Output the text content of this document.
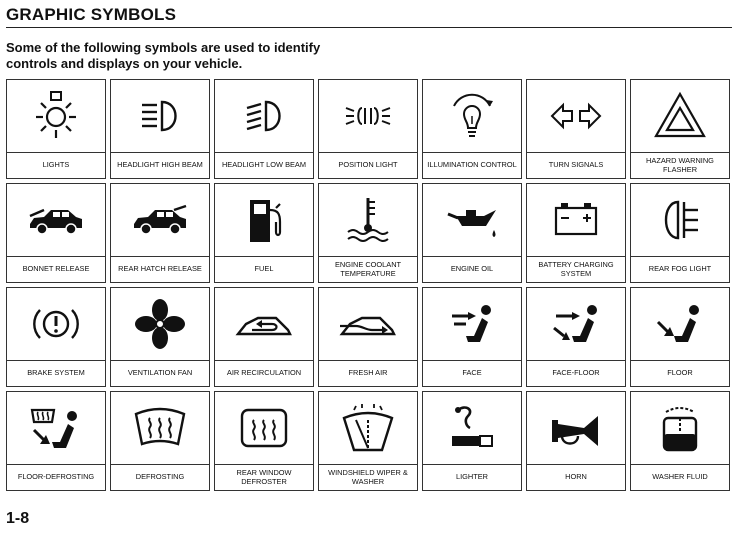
GRAPHIC SYMBOLS
Some of the following symbols are used to identify controls and displays on your vehicle.
LIGHTS	HEADLIGHT HIGH BEAM	HEADLIGHT LOW BEAM	POSITION LIGHT	ILLUMINATION CONTROL	TURN SIGNALS	HAZARD WARNING FLASHER
BONNET RELEASE	REAR HATCH RELEASE	FUEL	ENGINE COOLANT TEMPERATURE	ENGINE OIL	BATTERY CHARGING SYSTEM	REAR FOG LIGHT
BRAKE SYSTEM	VENTILATION FAN	AIR RECIRCULATION	FRESH AIR	FACE	FACE-FLOOR	FLOOR
FLOOR-DEFROSTING	DEFROSTING	REAR WINDOW DEFROSTER
WINDSHIELD WIPER & WASHER	LIGHTER	HORN	WASHER FLUID
1-8
